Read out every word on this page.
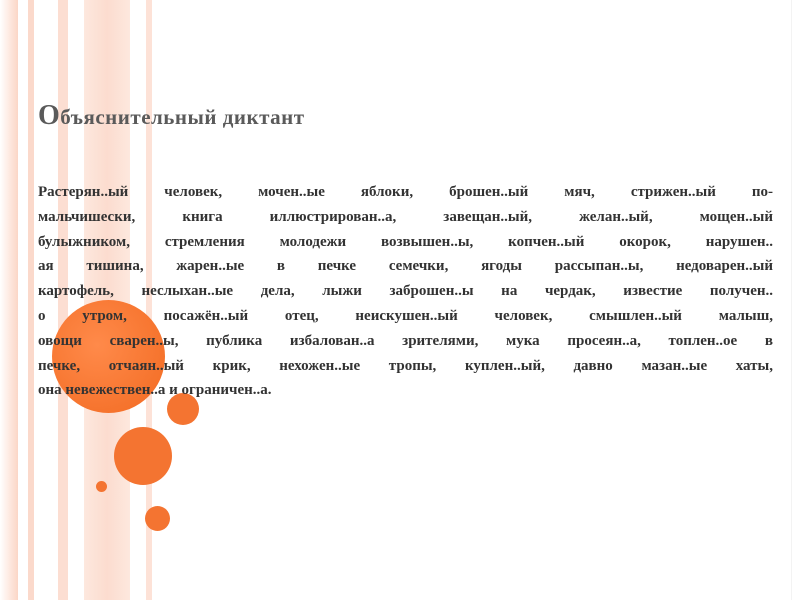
Объяснительный диктант
Растерян..ый человек, мочен..ые яблоки, брошен..ый мяч, стрижен..ый по-
мальчишески, книга иллюстрирован..а, завещан..ый, желан..ый, мощен..ый
булыжником, стремления молодежи возвышен..ы, копчен..ый окорок, нарушен..
ая тишина, жарен..ые в печке семечки, ягоды рассыпан..ы, недоварен..ый
картофель, неслыхан..ые дела, лыжи заброшен..ы на чердак, известие получен..
о утром, посажён..ый отец, неискушен..ый человек, смышлен..ый малыш,
овощи сварен..ы, публика избалован..а зрителями, мука просеян..а, топлен..ое в
печке, отчаян..ый крик, нехожен..ые тропы, куплен..ый, давно мазан..ые хаты,
она невежествен..а и ограничен..а.
